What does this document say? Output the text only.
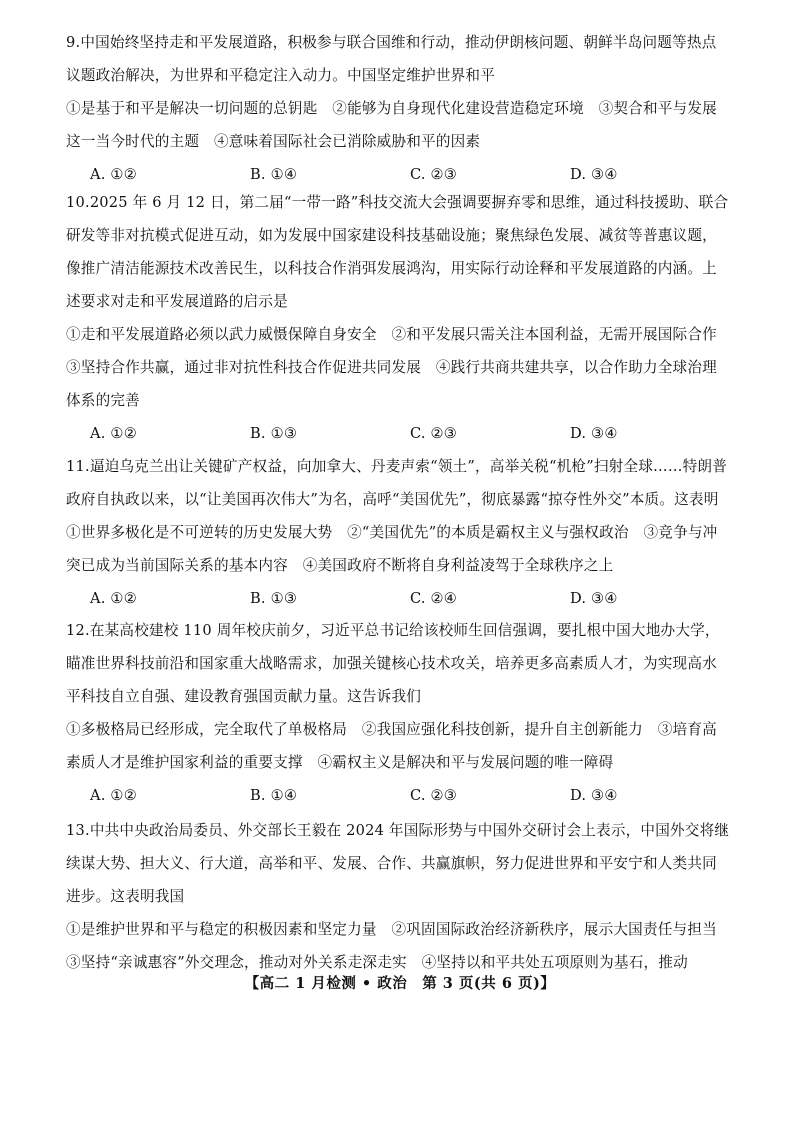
9.中国始终坚持走和平发展道路，积极参与联合国维和行动，推动伊朗核问题、朝鲜半岛问题等热点议题政治解决，为世界和平稳定注入动力。中国坚定维护世界和平

①是基于和平是解决一切问题的总钥匙　②能够为自身现代化建设营造稳定环境　③契合和平与发展这一当今时代的主题　④意味着国际社会已消除威胁和平的因素

A. ①②	B. ①④	C. ②③	D. ③④

10.2025 年 6 月 12 日，第二届“一带一路”科技交流大会强调要摒弃零和思维，通过科技援助、联合研发等非对抗模式促进互动，如为发展中国家建设科技基础设施；聚焦绿色发展、减贫等普惠议题，像推广清洁能源技术改善民生，以科技合作消弭发展鸿沟，用实际行动诠释和平发展道路的内涵。上述要求对走和平发展道路的启示是

①走和平发展道路必须以武力威慑保障自身安全　②和平发展只需关注本国利益，无需开展国际合作　③坚持合作共赢，通过非对抗性科技合作促进共同发展　④践行共商共建共享，以合作助力全球治理体系的完善

A. ①②	B. ①③	C. ②③	D. ③④

11.逼迫乌克兰出让关键矿产权益，向加拿大、丹麦声索“领土”，高举关税“机枪”扫射全球……特朗普政府自执政以来，以“让美国再次伟大”为名，高呼“美国优先”，彻底暴露“掠夺性外交”本质。这表明

①世界多极化是不可逆转的历史发展大势　②“美国优先”的本质是霸权主义与强权政治　③竞争与冲突已成为当前国际关系的基本内容　④美国政府不断将自身利益凌驾于全球秩序之上

A. ①②	B. ①③	C. ②④	D. ③④

12.在某高校建校 110 周年校庆前夕，习近平总书记给该校师生回信强调，要扎根中国大地办大学，瞄准世界科技前沿和国家重大战略需求，加强关键核心技术攻关，培养更多高素质人才，为实现高水平科技自立自强、建设教育强国贡献力量。这告诉我们

①多极格局已经形成，完全取代了单极格局　②我国应强化科技创新，提升自主创新能力　③培育高素质人才是维护国家利益的重要支撑　④霸权主义是解决和平与发展问题的唯一障碍

A. ①②	B. ①④	C. ②③	D. ③④

13.中共中央政治局委员、外交部长王毅在 2024 年国际形势与中国外交研讨会上表示，中国外交将继续谋大势、担大义、行大道，高举和平、发展、合作、共赢旗帜，努力促进世界和平安宁和人类共同进步。这表明我国

①是维护世界和平与稳定的积极因素和坚定力量　②巩固国际政治经济新秩序，展示大国责任与担当　③坚持“亲诚惠容”外交理念，推动对外关系走深走实　④坚持以和平共处五项原则为基石，推动

【高二 1 月检测 • 政治　第 3 页(共 6 页)】
